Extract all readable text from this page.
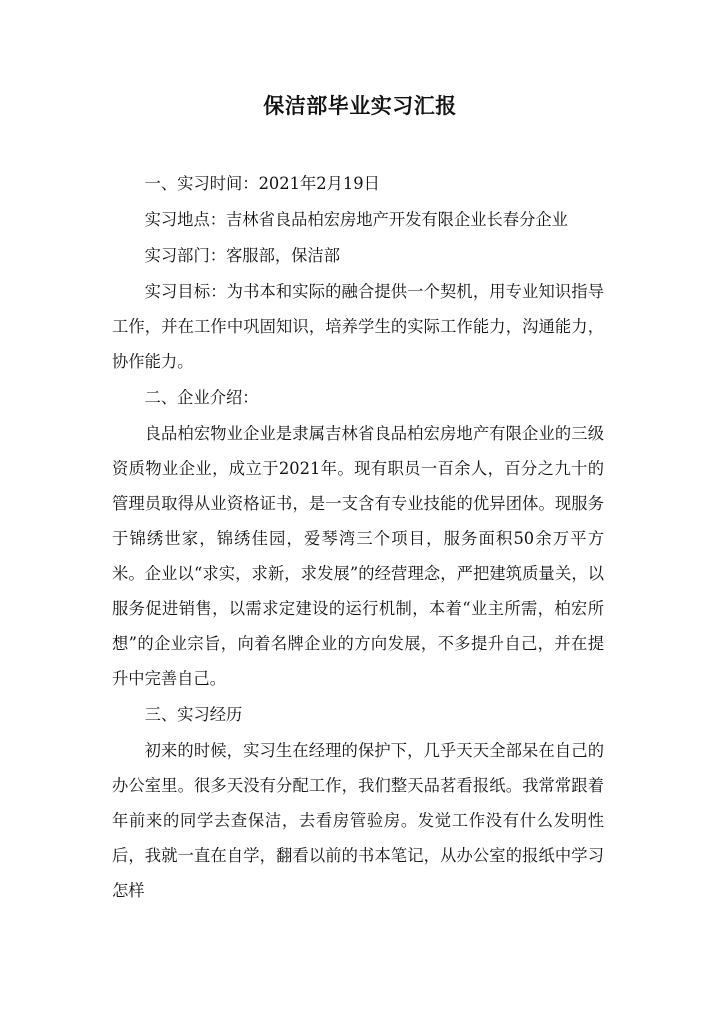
保洁部毕业实习汇报

一、实习时间：2021年2月19日

实习地点：吉林省良品柏宏房地产开发有限企业长春分企业

实习部门：客服部，保洁部

实习目标：为书本和实际的融合提供一个契机，用专业知识指导工作，并在工作中巩固知识，培养学生的实际工作能力，沟通能力，协作能力。

二、企业介绍：

良品柏宏物业企业是隶属吉林省良品柏宏房地产有限企业的三级资质物业企业，成立于2021年。现有职员一百余人，百分之九十的管理员取得从业资格证书，是一支含有专业技能的优异团体。现服务于锦绣世家，锦绣佳园，爱琴湾三个项目，服务面积50余万平方米。企业以“求实，求新，求发展”的经营理念，严把建筑质量关，以服务促进销售，以需求定建设的运行机制，本着“业主所需，柏宏所想”的企业宗旨，向着名牌企业的方向发展，不多提升自己，并在提升中完善自己。

三、实习经历

初来的时候，实习生在经理的保护下，几乎天天全部呆在自己的办公室里。很多天没有分配工作，我们整天品茗看报纸。我常常跟着年前来的同学去查保洁，去看房管验房。发觉工作没有什么发明性后，我就一直在自学，翻看以前的书本笔记，从办公室的报纸中学习怎样
